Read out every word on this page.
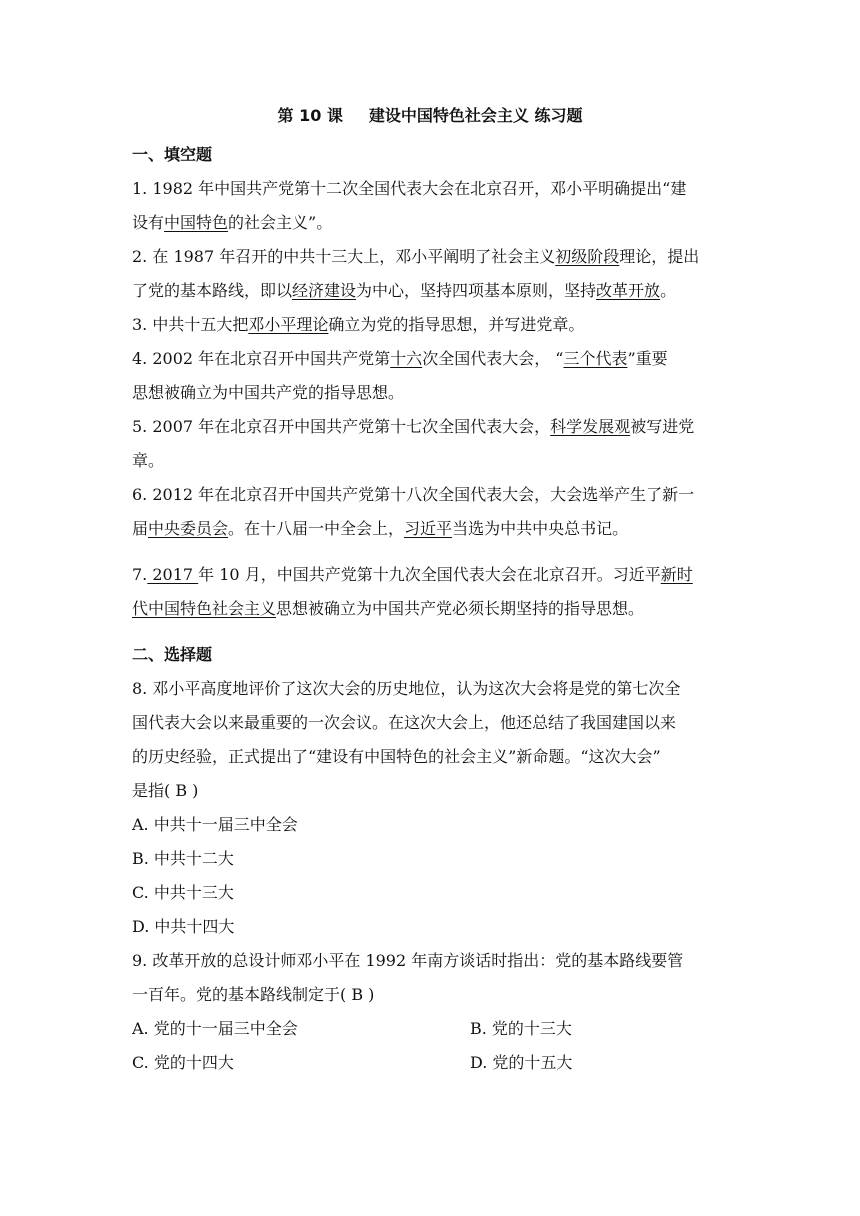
第 10 课 建设中国特色社会主义 练习题
一、填空题
1. 1982 年中国共产党第十二次全国代表大会在北京召开，邓小平明确提出“建
设有中国特色的社会主义”。
2. 在 1987 年召开的中共十三大上，邓小平阐明了社会主义初级阶段理论，提出
了党的基本路线，即以经济建设为中心，坚持四项基本原则，坚持改革开放。
3. 中共十五大把邓小平理论确立为党的指导思想，并写进党章。
4. 2002 年在北京召开中国共产党第十六次全国代表大会， “三个代表”重要
思想被确立为中国共产党的指导思想。
5. 2007 年在北京召开中国共产党第十七次全国代表大会，科学发展观被写进党
章。
6. 2012 年在北京召开中国共产党第十八次全国代表大会，大会选举产生了新一
届中央委员会。在十八届一中全会上，习近平当选为中共中央总书记。
7. 2017 年 10 月，中国共产党第十九次全国代表大会在北京召开。习近平新时
代中国特色社会主义思想被确立为中国共产党必须长期坚持的指导思想。
二、选择题
8. 邓小平高度地评价了这次大会的历史地位，认为这次大会将是党的第七次全
国代表大会以来最重要的一次会议。在这次大会上，他还总结了我国建国以来
的历史经验，正式提出了“建设有中国特色的社会主义”新命题。“这次大会”
是指( B )
A. 中共十一届三中全会
B. 中共十二大
C. 中共十三大
D. 中共十四大
9. 改革开放的总设计师邓小平在 1992 年南方谈话时指出：党的基本路线要管
一百年。党的基本路线制定于( B )
A. 党的十一届三中全会	B. 党的十三大
C. 党的十四大	D. 党的十五大
